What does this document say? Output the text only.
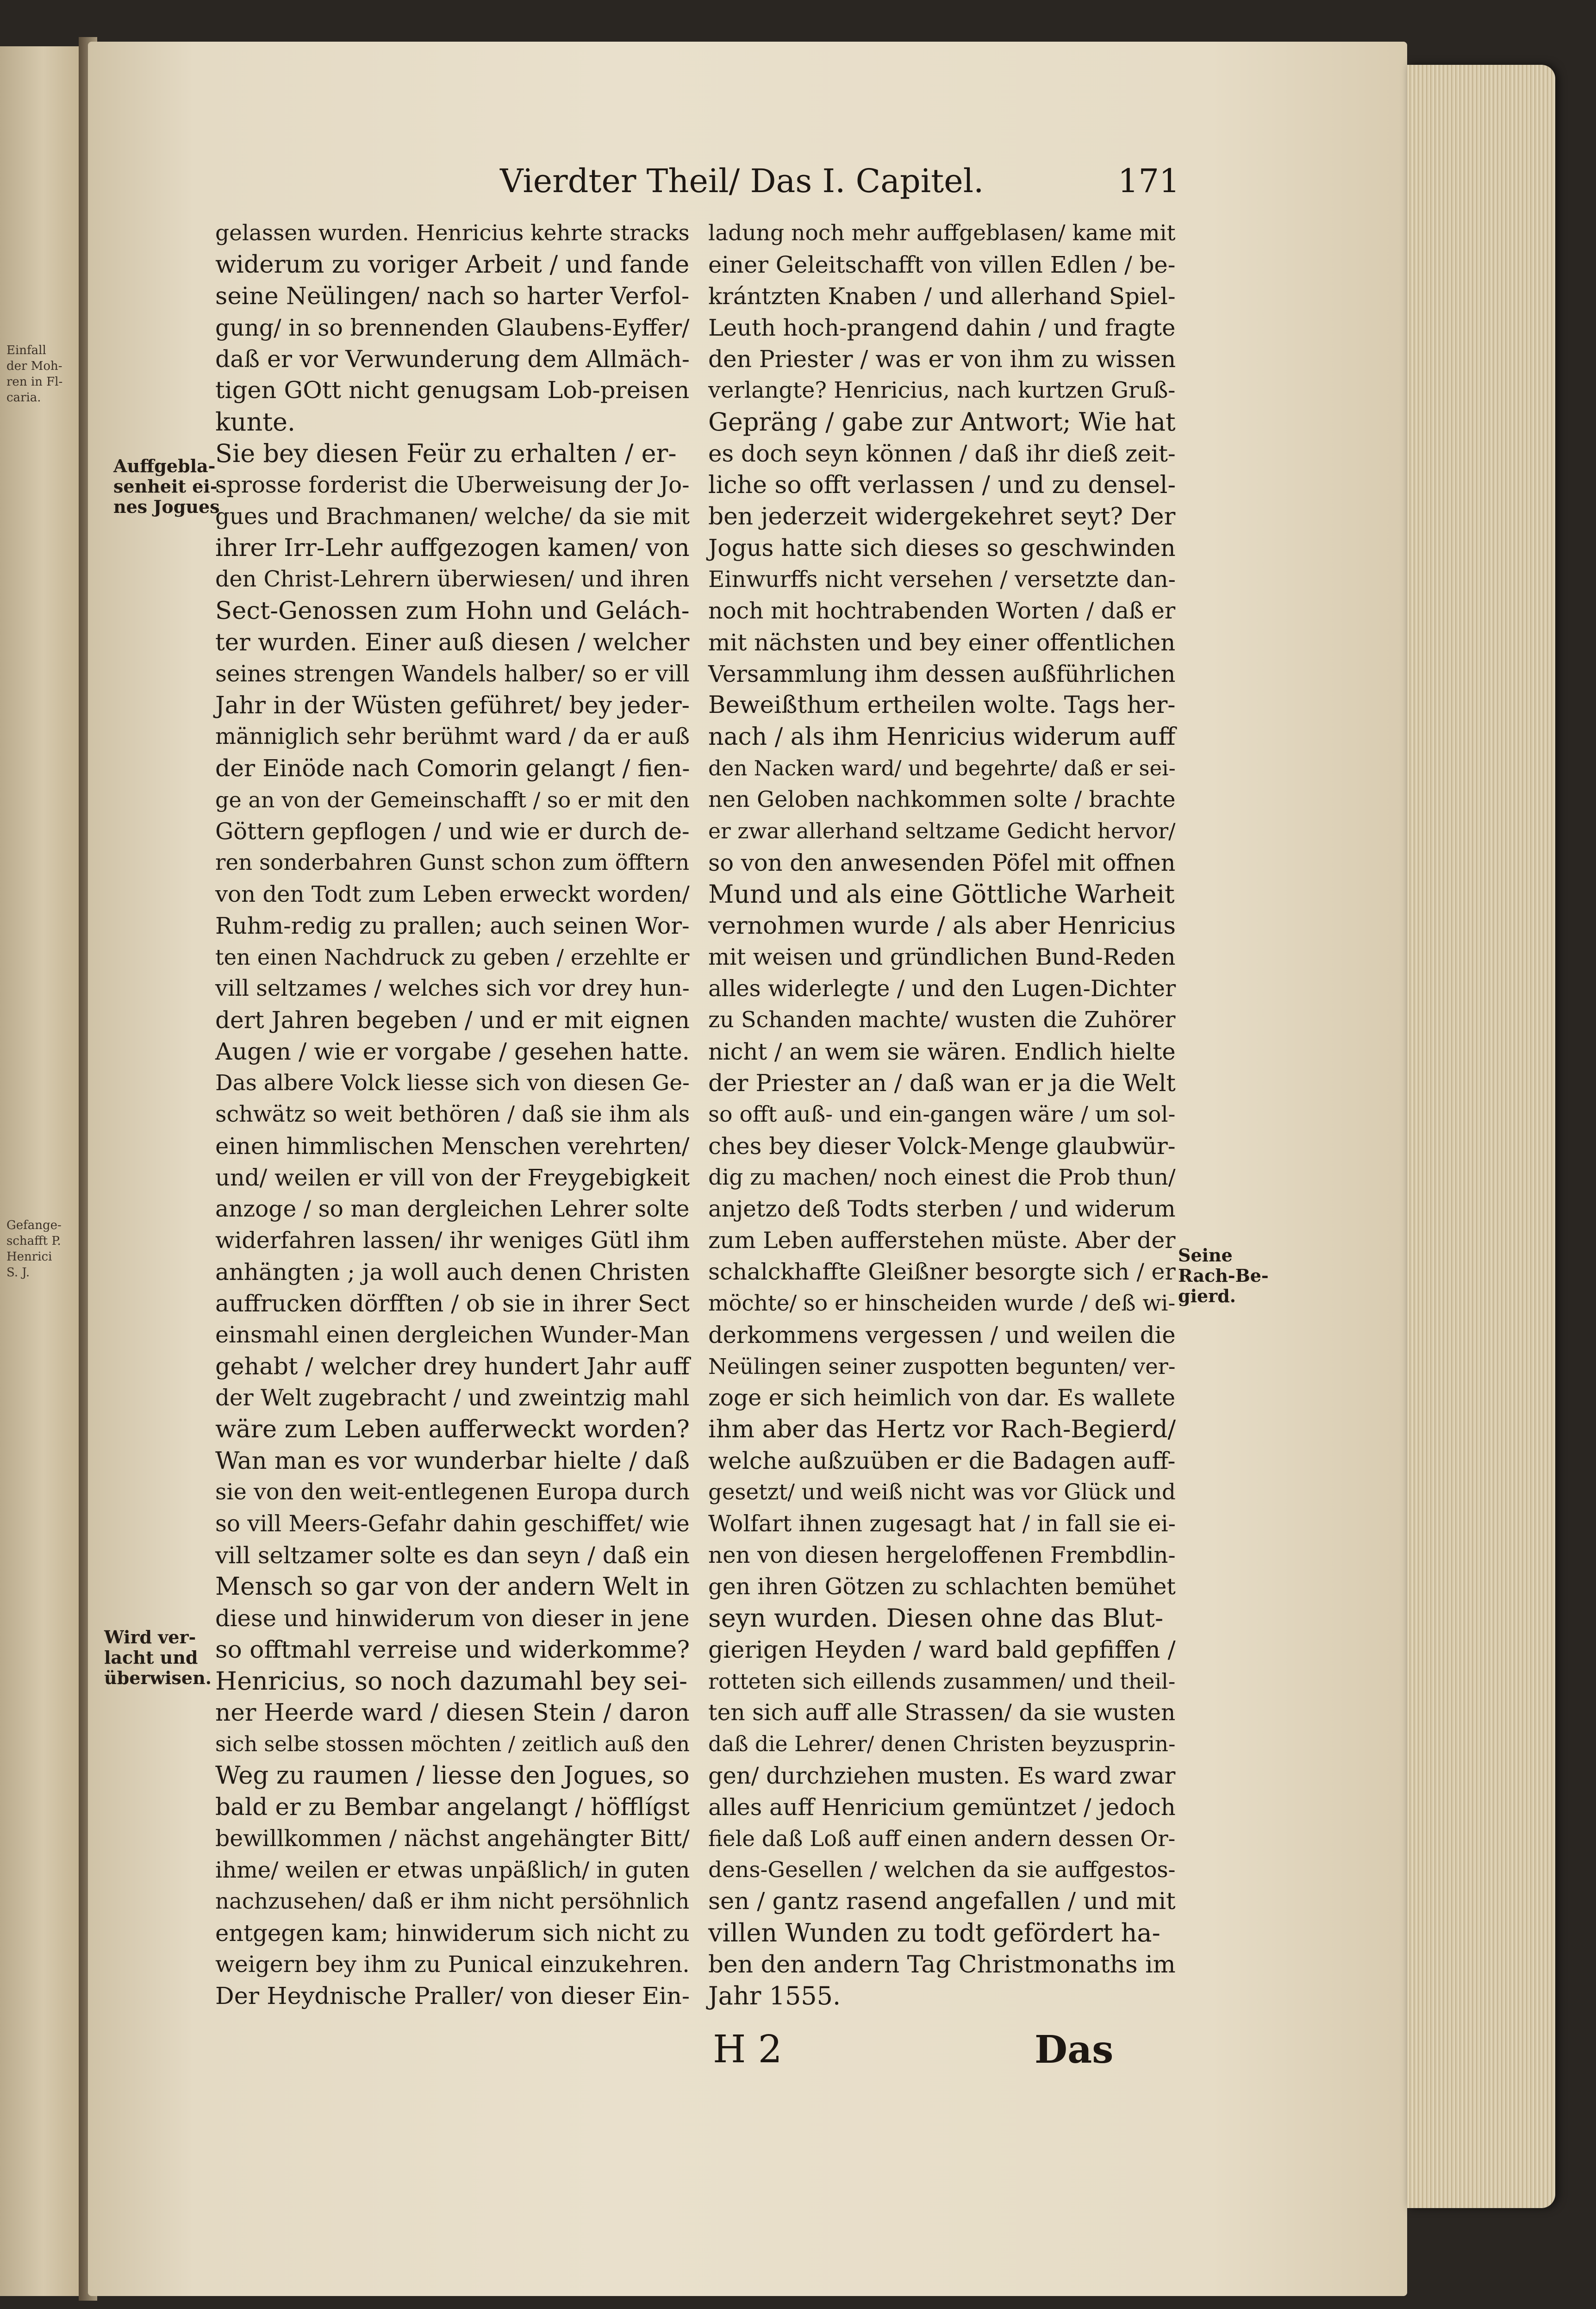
Einfall
der Moh-
ren in Fl-
caria.
Gefange-
schafft P.
Henrici
S. J.
Vierdter Theil/ Das I. Capitel.	171
Auffgebla-
senheit ei-
nes Jogues
Wird ver-
lacht und
überwisen.
Seine
Rach-Be-
gierd.
gelassen wurden. Henricius kehrte stracks
widerum zu voriger Arbeit / und fande
seine Neülingen/ nach so harter Verfol-
gung/ in so brennenden Glaubens-Eyffer/
daß er vor Verwunderung dem Allmäch-
tigen GOtt nicht genugsam Lob-preisen
kunte.
Sie bey diesen Feür zu erhalten / er-
sprosse forderist die Uberweisung der Jo-
gues und Brachmanen/ welche/ da sie mit
ihrer Irr-Lehr auffgezogen kamen/ von
den Christ-Lehrern überwiesen/ und ihren
Sect-Genossen zum Hohn und Gelách-
ter wurden. Einer auß diesen / welcher
seines strengen Wandels halber/ so er vill
Jahr in der Wüsten geführet/ bey jeder-
männiglich sehr berühmt ward / da er auß
der Einöde nach Comorin gelangt / fien-
ge an von der Gemeinschafft / so er mit den
Göttern gepflogen / und wie er durch de-
ren sonderbahren Gunst schon zum öfftern
von den Todt zum Leben erweckt worden/
Ruhm-redig zu prallen; auch seinen Wor-
ten einen Nachdruck zu geben / erzehlte er
vill seltzames / welches sich vor drey hun-
dert Jahren begeben / und er mit eignen
Augen / wie er vorgabe / gesehen hatte.
Das albere Volck liesse sich von diesen Ge-
schwätz so weit bethören / daß sie ihm als
einen himmlischen Menschen verehrten/
und/ weilen er vill von der Freygebigkeit
anzoge / so man dergleichen Lehrer solte
widerfahren lassen/ ihr weniges Gütl ihm
anhängten ; ja woll auch denen Christen
auffrucken dörfften / ob sie in ihrer Sect
einsmahl einen dergleichen Wunder-Man
gehabt / welcher drey hundert Jahr auff
der Welt zugebracht / und zweintzig mahl
wäre zum Leben aufferweckt worden?
Wan man es vor wunderbar hielte / daß
sie von den weit-entlegenen Europa durch
so vill Meers-Gefahr dahin geschiffet/ wie
vill seltzamer solte es dan seyn / daß ein
Mensch so gar von der andern Welt in
diese und hinwiderum von dieser in jene
so offtmahl verreise und widerkomme?
Henricius, so noch dazumahl bey sei-
ner Heerde ward / diesen Stein / daron
sich selbe stossen möchten / zeitlich auß den
Weg zu raumen / liesse den Jogues, so
bald er zu Bembar angelangt / höfflígst
bewillkommen / nächst angehängter Bitt/
ihme/ weilen er etwas unpäßlich/ in guten
nachzusehen/ daß er ihm nicht persöhnlich
entgegen kam; hinwiderum sich nicht zu
weigern bey ihm zu Punical einzukehren.
Der Heydnische Praller/ von dieser Ein-
ladung noch mehr auffgeblasen/ kame mit
einer Geleitschafft von villen Edlen / be-
krántzten Knaben / und allerhand Spiel-
Leuth hoch-prangend dahin / und fragte
den Priester / was er von ihm zu wissen
verlangte? Henricius, nach kurtzen Gruß-
Gepräng / gabe zur Antwort; Wie hat
es doch seyn können / daß ihr dieß zeit-
liche so offt verlassen / und zu densel-
ben jederzeit widergekehret seyt? Der
Jogus hatte sich dieses so geschwinden
Einwurffs nicht versehen / versetzte dan-
noch mit hochtrabenden Worten / daß er
mit nächsten und bey einer offentlichen
Versammlung ihm dessen außführlichen
Beweißthum ertheilen wolte. Tags her-
nach / als ihm Henricius widerum auff
den Nacken ward/ und begehrte/ daß er sei-
nen Geloben nachkommen solte / brachte
er zwar allerhand seltzame Gedicht hervor/
so von den anwesenden Pöfel mit offnen
Mund und als eine Göttliche Warheit
vernohmen wurde / als aber Henricius
mit weisen und gründlichen Bund-Reden
alles widerlegte / und den Lugen-Dichter
zu Schanden machte/ wusten die Zuhörer
nicht / an wem sie wären. Endlich hielte
der Priester an / daß wan er ja die Welt
so offt auß- und ein-gangen wäre / um sol-
ches bey dieser Volck-Menge glaubwür-
dig zu machen/ noch einest die Prob thun/
anjetzo deß Todts sterben / und widerum
zum Leben aufferstehen müste. Aber der
schalckhaffte Gleißner besorgte sich / er
möchte/ so er hinscheiden wurde / deß wi-
derkommens vergessen / und weilen die
Neülingen seiner zuspotten begunten/ ver-
zoge er sich heimlich von dar. Es wallete
ihm aber das Hertz vor Rach-Begierd/
welche außzuüben er die Badagen auff-
gesetzt/ und weiß nicht was vor Glück und
Wolfart ihnen zugesagt hat / in fall sie ei-
nen von diesen hergeloffenen Frembdlin-
gen ihren Götzen zu schlachten bemühet
seyn wurden. Diesen ohne das Blut-
gierigen Heyden / ward bald gepfiffen /
rotteten sich eillends zusammen/ und theil-
ten sich auff alle Strassen/ da sie wusten
daß die Lehrer/ denen Christen beyzusprin-
gen/ durchziehen musten. Es ward zwar
alles auff Henricium gemüntzet / jedoch
fiele daß Loß auff einen andern dessen Or-
dens-Gesellen / welchen da sie auffgestos-
sen / gantz rasend angefallen / und mit
villen Wunden zu todt gefördert ha-
ben den andern Tag Christmonaths im
Jahr 1555.
H 2	Das
